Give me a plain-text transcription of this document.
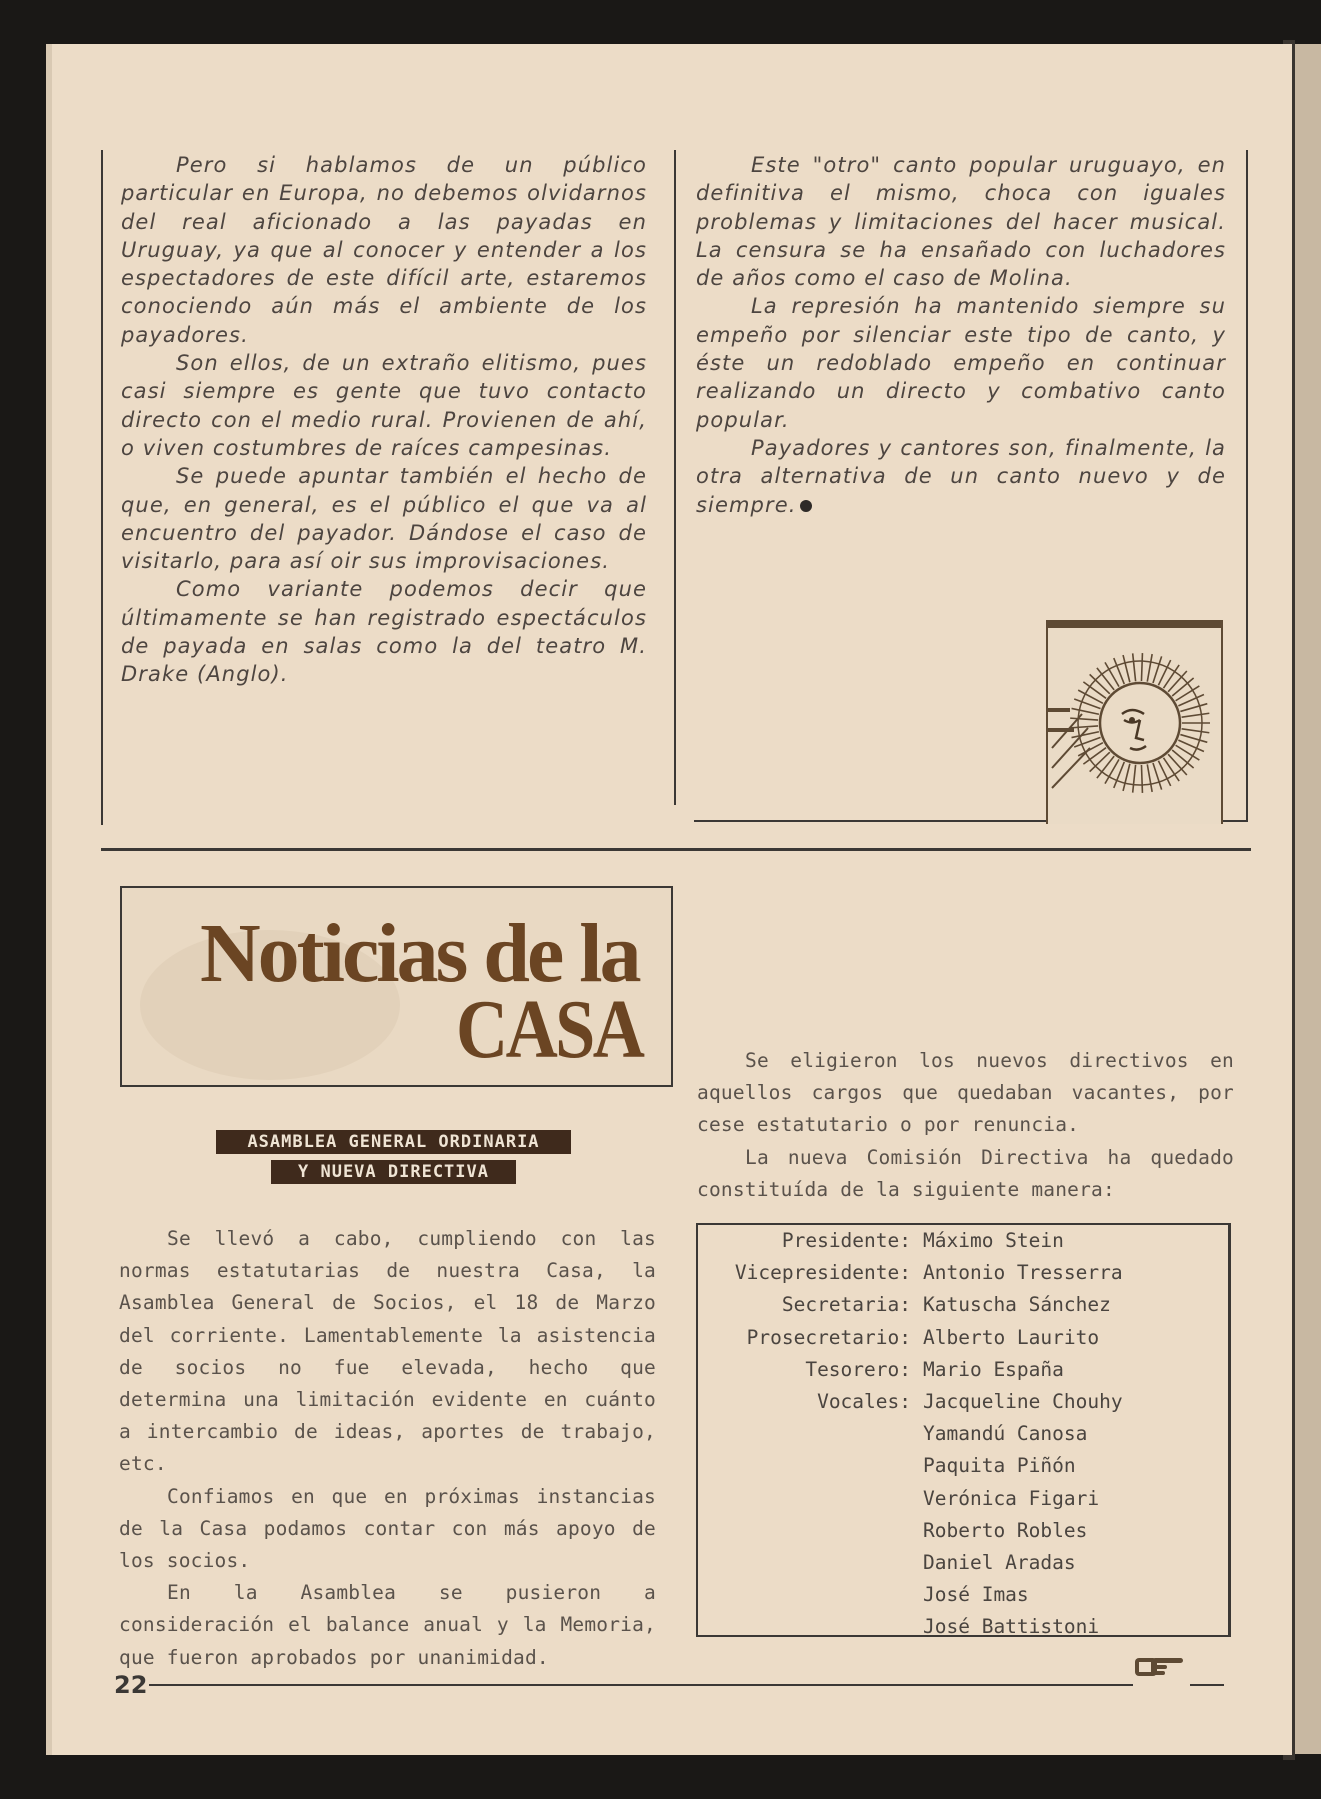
Pero si hablamos de un público particular en Europa, no debemos olvidarnos del real aficionado a las payadas en Uruguay, ya que al conocer y entender a los espectadores de este difícil arte, estaremos conociendo aún más el ambiente de los payadores.

Son ellos, de un extraño elitismo, pues casi siempre es gente que tuvo contacto directo con el medio rural. Provienen de ahí, o viven costumbres de raíces campesinas.

Se puede apuntar también el hecho de que, en general, es el público el que va al encuentro del payador. Dándose el caso de visitarlo, para así oir sus improvisaciones.

Como variante podemos decir que últimamente se han registrado espectáculos de payada en salas como la del teatro M. Drake (Anglo).

Este "otro" canto popular uruguayo, en definitiva el mismo, choca con iguales problemas y limitaciones del hacer musical. La censura se ha ensañado con luchadores de años como el caso de Molina.

La represión ha mantenido siempre su empeño por silenciar este tipo de canto, y éste un redoblado empeño en continuar realizando un directo y combativo canto popular.

Payadores y cantores son, finalmente, la otra alternativa de un canto nuevo y de siempre.

Noticias de la
CASA
ASAMBLEA GENERAL ORDINARIA
Y NUEVA DIRECTIVA

Se llevó a cabo, cumpliendo con las normas estatutarias de nuestra Casa, la Asamblea General de Socios, el 18 de Marzo del corriente. Lamentablemente la asistencia de socios no fue elevada, hecho que determina una limitación evidente en cuánto a intercambio de ideas, aportes de trabajo, etc.

Confiamos en que en próximas instancias de la Casa podamos contar con más apoyo de los socios.

En la Asamblea se pusieron a consideración el balance anual y la Memoria, que fueron aprobados por unanimidad.

Se eligieron los nuevos directivos en aquellos cargos que quedaban vacantes, por cese estatutario o por renuncia.

La nueva Comisión Directiva ha quedado constituída de la siguiente manera:

Presidente: Máximo Stein
Vicepresidente: Antonio Tresserra
Secretaria: Katuscha Sánchez
Prosecretario: Alberto Laurito
Tesorero: Mario España
Vocales: Jacqueline Chouhy
Yamandú Canosa
Paquita Piñón
Verónica Figari
Roberto Robles
Daniel Aradas
José Imas
José Battistoni
22
